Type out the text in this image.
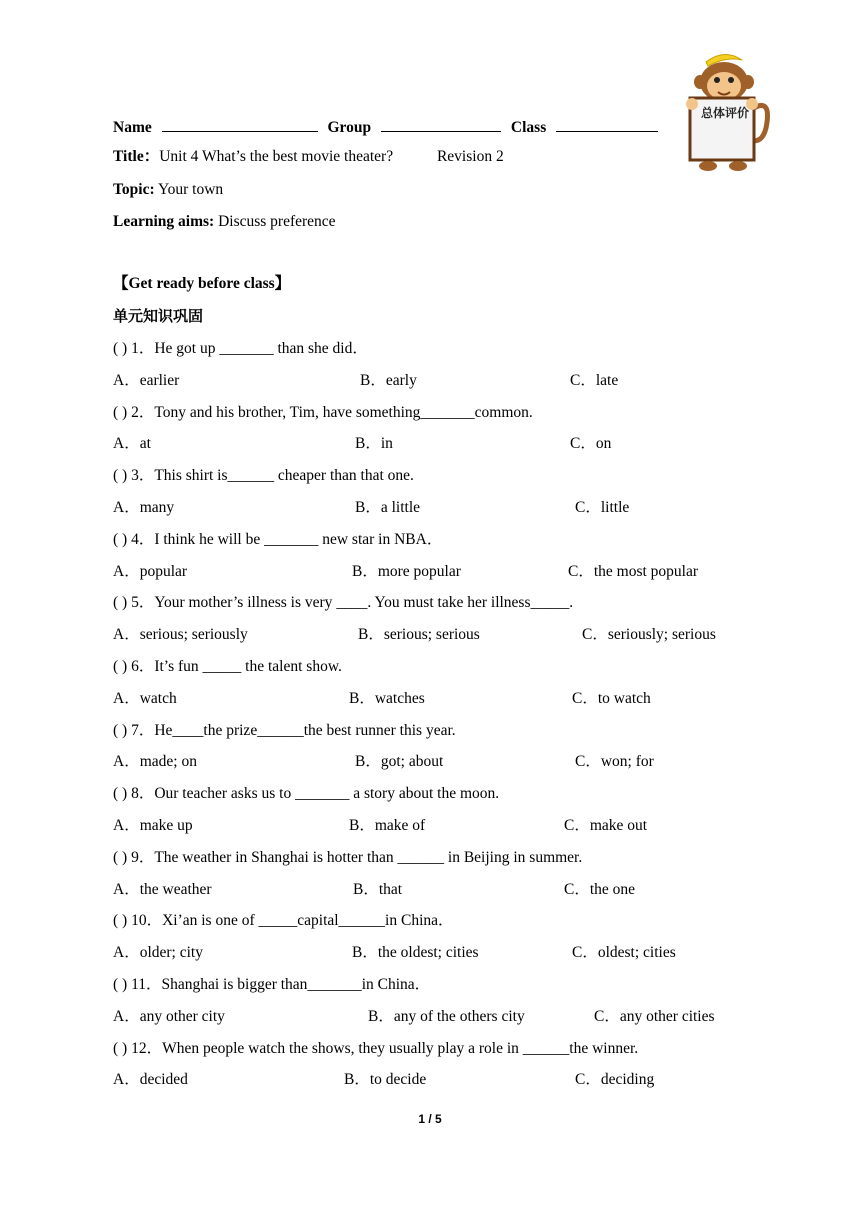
总体评价
Name	Group	Class
Title：Unit 4 What’s the best movie theater?	Revision 2
Topic: Your town
Learning aims: Discuss preference
【Get ready before class】
单元知识巩固
( ) 1．He got up _______ than she did．
A．earlier	B．early	C．late
( ) 2．Tony and his brother, Tim, have something_______common.
A．at	B．in	C．on
( ) 3．This shirt is______ cheaper than that one.
A．many	B．a little	C．little
( ) 4．I think he will be _______ new star in NBA．
A．popular	B．more popular	C．the most popular
( ) 5．Your mother’s illness is very ____. You must take her illness_____.
A．serious; seriously	B．serious; serious	C．seriously; serious
( ) 6．It’s fun _____ the talent show.
A．watch	B．watches	C．to watch
( ) 7．He____the prize______the best runner this year.
A．made; on	B．got; about	C．won; for
( ) 8．Our teacher asks us to _______ a story about the moon.
A．make up	B．make of	C．make out
( ) 9．The weather in Shanghai is hotter than ______ in Beijing in summer.
A．the weather	B．that	C．the one
( ) 10．Xi’an is one of _____capital______in China．
A．older; city	B．the oldest; cities	C．oldest; cities
( ) 11．Shanghai is bigger than_______in China．
A．any other city	B．any of the others city	C．any other cities
( ) 12．When people watch the shows, they usually play a role in ______the winner.
A．decided	B．to decide	C．deciding
1 / 5
